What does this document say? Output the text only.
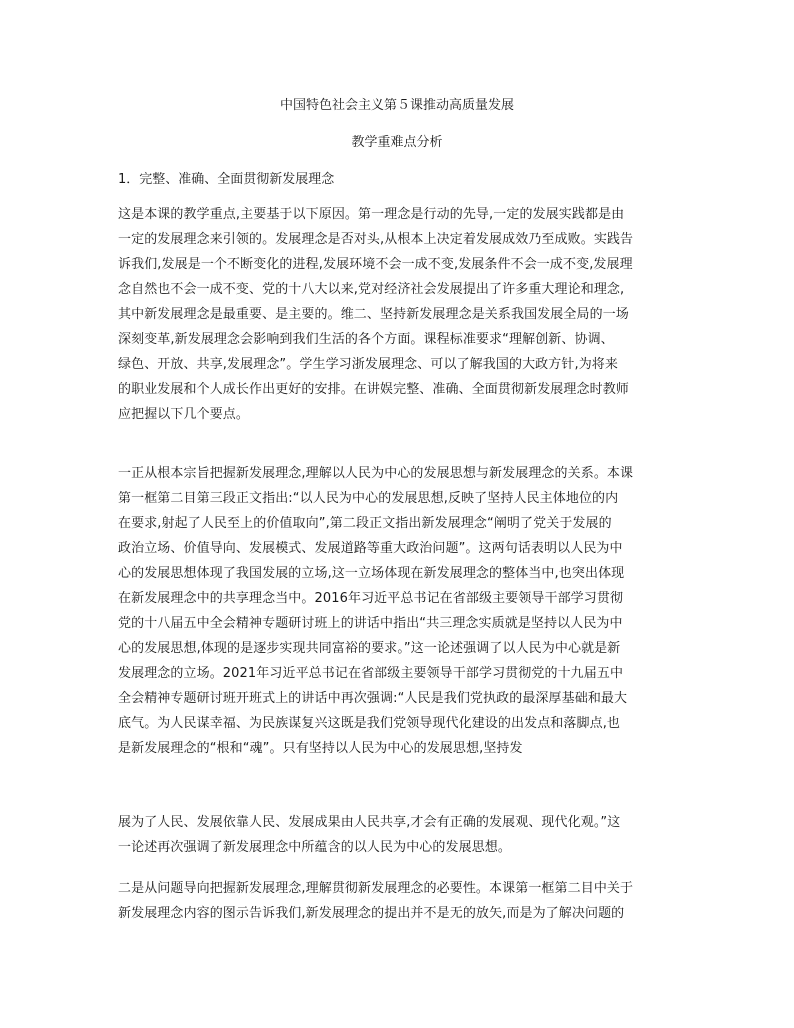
中国特色社会主义第５课推动高质量发展
教学重难点分析
1．完整、准确、全面贯彻新发展理念

这是本课的教学重点,主要基于以下原因。第一理念是行动的先导,一定的发展实践都是由
一定的发展理念来引领的。发展理念是否对头,从根本上决定着发展成效乃至成败。实践告
诉我们,发展是一个不断变化的进程,发展环境不会一成不变,发展条件不会一成不变,发展理
念自然也不会一成不变、党的十八大以来,党对经济社会发展提出了许多重大理论和理念,
其中新发展理念是最重要、是主要的。维二、坚持新发展理念是关系我国发展全局的一场
深刻变革,新发展理念会影响到我们生活的各个方面。课程标准要求“理解创新、协调、
绿色、开放、共享,发展理念”。学生学习浙发展理念、可以了解我国的大政方针,为将来
的职业发展和个人成长作出更好的安排。在讲娱完整、准确、全面贯彻新发展理念时教师
应把握以下几个要点。

一正从根本宗旨把握新发展理念,理解以人民为中心的发展思想与新发展理念的关系。本课
第一框第二目第三段正文指出:“以人民为中心的发展思想,反映了坚持人民主体地位的内
在要求,射起了人民至上的价值取向”,第二段正文指出新发展理念“阐明了党关于发展的
政治立场、价值导向、发展模式、发展道路等重大政治问题”。这两句话表明以人民为中
心的发展思想体现了我国发展的立场,这一立场体现在新发展理念的整体当中,也突出体现
在新发展理念中的共享理念当中。2016年习近平总书记在省部级主要领导干部学习贯彻
党的十八届五中全会精神专题研讨班上的讲话中指出“共三理念实质就是坚持以人民为中
心的发展思想,体现的是逐步实现共同富裕的要求。”这一论述强调了以人民为中心就是新
发展理念的立场。2021年习近平总书记在省部级主要领导干部学习贯彻党的十九届五中
全会精神专题研讨班开班式上的讲话中再次强调:“人民是我们党执政的最深厚基础和最大
底气。为人民谋幸福、为民族谋复兴这既是我们党领导现代化建设的出发点和落脚点,也
是新发展理念的“根和“魂”。只有坚持以人民为中心的发展思想,坚持发

展为了人民、发展依靠人民、发展成果由人民共享,才会有正确的发展观、现代化观。”这
一论述再次强调了新发展理念中所蕴含的以人民为中心的发展思想。

二是从问题导向把握新发展理念,理解贯彻新发展理念的必要性。本课第一框第二目中关于
新发展理念内容的图示告诉我们,新发展理念的提出并不是无的放矢,而是为了解决问题的
